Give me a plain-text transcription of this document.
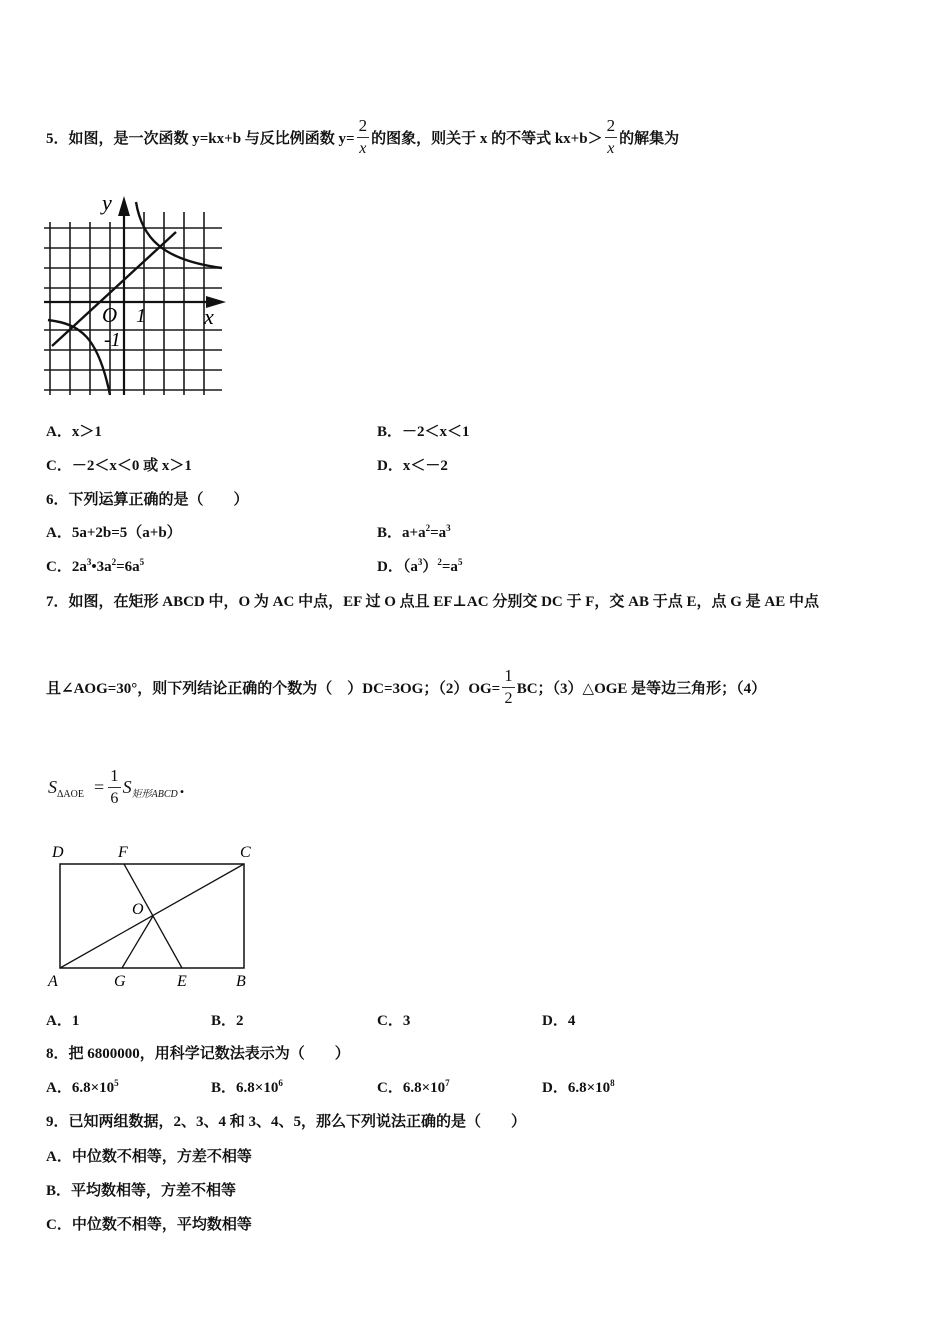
5．如图，是一次函数 y=kx+b 与反比例函数 $y= \frac{2}{x}$ 的图象，则关于 x 的不等式 $kx+b> \frac{2}{x}$ 的解集为
y
x
O 1
-1
A．x＞1	B．－2＜x＜1
C．－2＜x＜0 或 x＞1	D．x＜－2
6．下列运算正确的是（　　）
A．5a+2b=5（a+b）	B．$a+a^2=a^3$
C．$2a^3•3a^2=6a^5$	D．$(a^3)^2=a^5$
7．如图，在矩形 ABCD 中，O 为 AC 中点，EF 过 O 点且 EF⊥AC 分别交 DC 于 F，交 AB 于点 E，点 G 是 AE 中点
且∠AOG=30°，则下列结论正确的个数为（　）DC=3OG；$(2)OG= \frac{1}{2}$ BC；（3）△OGE 是等边三角形；（4）
S $\Delta AOE = \frac{1}{6}$ S 矩形ABCD .
D	F	C
O
A	G	E	B
A．1	B．2	C．3	D．4
8．把 6800000，用科学记数法表示为（　　）
A．$6.8\times 10^5$	B．$6.8\times 10^6$	C．$6.8\times 10^7$	D．$6.8\times 10^8$
9．已知两组数据，2、3、4 和 3、4、5，那么下列说法正确的是（　　）
A．中位数不相等，方差不相等
B．平均数相等，方差不相等
C．中位数不相等，平均数相等
